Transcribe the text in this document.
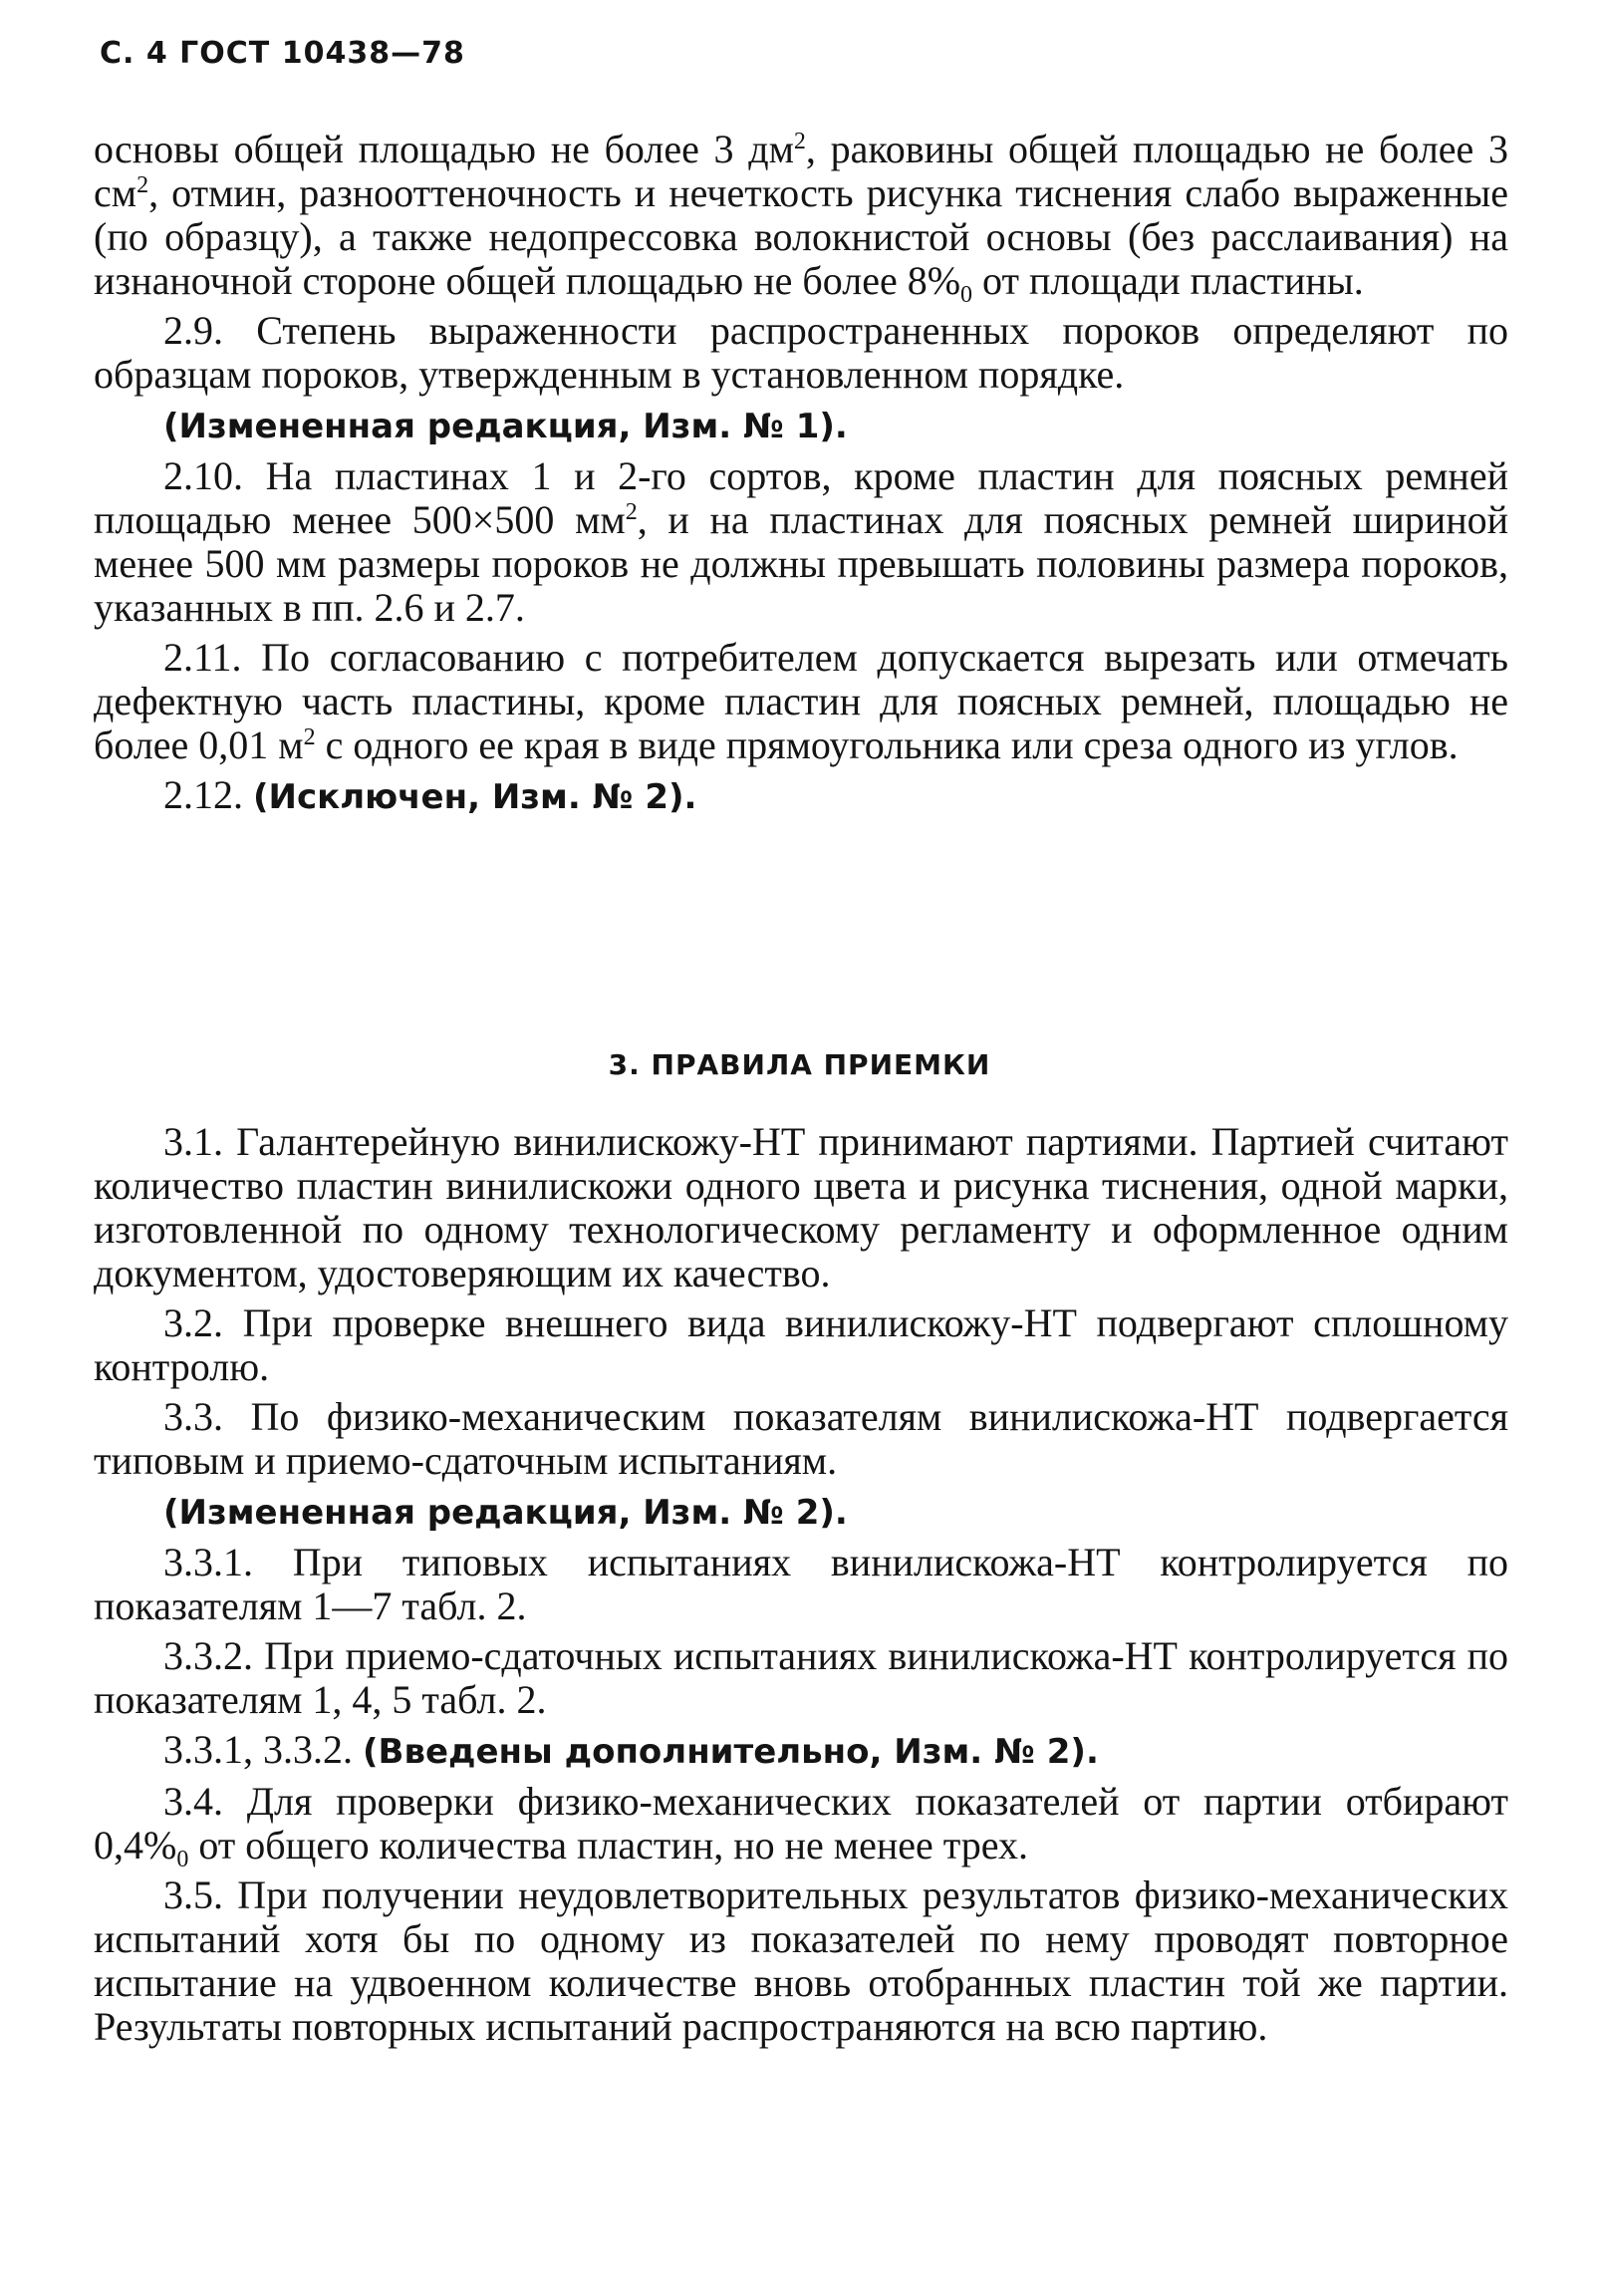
С. 4 ГОСТ 10438—78

основы общей площадью не более 3 $дм^2$, раковины общей площадью не более 3 $см^2$, отмин, разнооттеночность и нечеткость рисунка тиснения слабо выраженные (по образцу), а также недопрессовка волокнистой основы (без расслаивания) на изнаночной стороне общей площадью не более $8\%_0$ от площади пластины.

2.9. Степень выраженности распространенных пороков определяют по образцам пороков, утвержденным в установленном порядке.

(Измененная редакция, Изм. № 1).

2.10. На пластинах 1 и 2-го сортов, кроме пластин для поясных ремней площадью менее 500×500 $мм^2$, и на пластинах для поясных ремней шириной менее 500 мм размеры пороков не должны превышать половины размера пороков, указанных в пп. 2.6 и 2.7.

2.11. По согласованию с потребителем допускается вырезать или отмечать дефектную часть пластины, кроме пластин для поясных ремней, площадью не более 0,01 $м^2$ с одного ее края в виде прямоугольника или среза одного из углов.

2.12. (Исключен, Изм. № 2).

3. ПРАВИЛА ПРИЕМКИ

3.1. Галантерейную винилискожу-НТ принимают партиями. Партией считают количество пластин винилискожи одного цвета и рисунка тиснения, одной марки, изготовленной по одному технологическому регламенту и оформленное одним документом, удостоверяющим их качество.

3.2. При проверке внешнего вида винилискожу-НТ подвергают сплошному контролю.

3.3. По физико-механическим показателям винилискожа-НТ подвергается типовым и приемо-сдаточным испытаниям.

(Измененная редакция, Изм. № 2).

3.3.1. При типовых испытаниях винилискожа-НТ контролируется по показателям 1—7 табл. 2.

3.3.2. При приемо-сдаточных испытаниях винилискожа-НТ контролируется по показателям 1, 4, 5 табл. 2.

3.3.1, 3.3.2. (Введены дополнительно, Изм. № 2).

3.4. Для проверки физико-механических показателей от партии отбирают $0,4\%_0$ от общего количества пластин, но не менее трех.

3.5. При получении неудовлетворительных результатов физико-механических испытаний хотя бы по одному из показателей по нему проводят повторное испытание на удвоенном количестве вновь отобранных пластин той же партии. Результаты повторных испытаний распространяются на всю партию.
